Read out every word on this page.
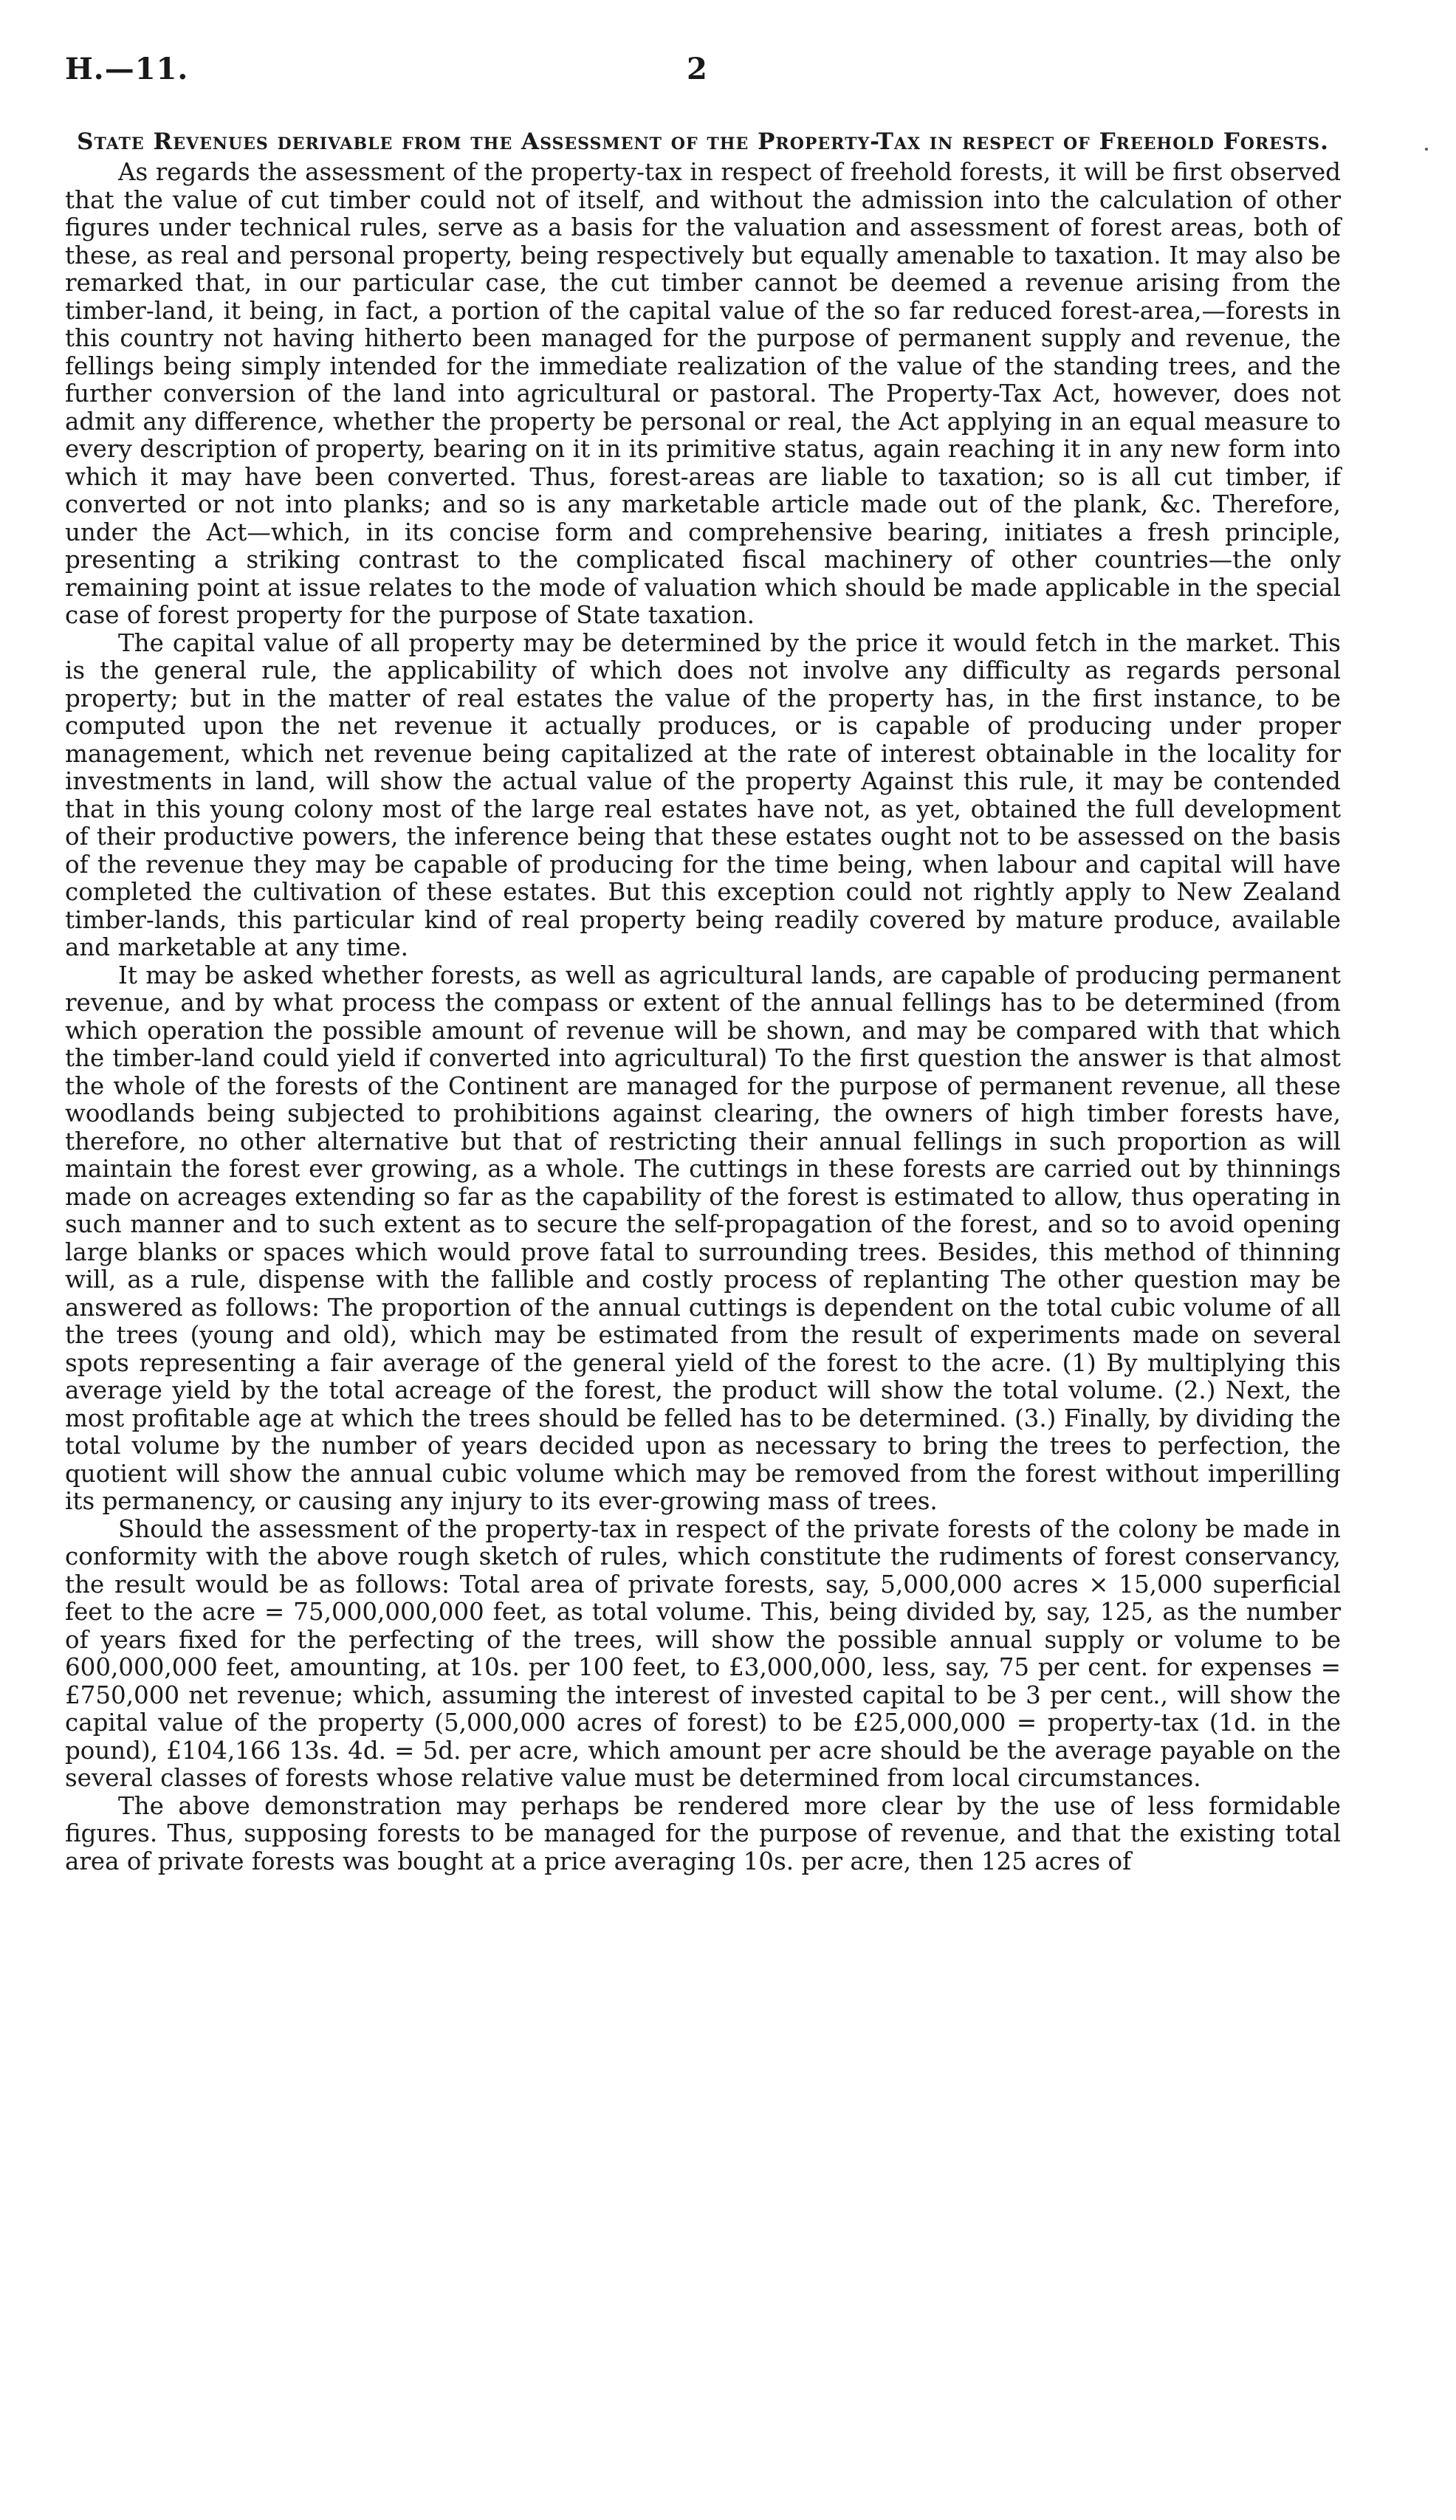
H.—11.	2
State Revenues derivable from the Assessment of the Property-Tax in respect of Freehold Forests.

As regards the assessment of the property-tax in respect of freehold forests, it will be first observed that the value of cut timber could not of itself, and without the admission into the calculation of other figures under technical rules, serve as a basis for the valuation and assessment of forest areas, both of these, as real and personal property, being respectively but equally amenable to taxation. It may also be remarked that, in our particular case, the cut timber cannot be deemed a revenue arising from the timber-land, it being, in fact, a portion of the capital value of the so far reduced forest-area,—forests in this country not having hitherto been managed for the purpose of permanent supply and revenue, the fellings being simply intended for the immediate realization of the value of the standing trees, and the further conversion of the land into agricultural or pastoral. The Property-Tax Act, however, does not admit any difference, whether the property be personal or real, the Act applying in an equal measure to every description of property, bearing on it in its primitive status, again reaching it in any new form into which it may have been converted. Thus, forest-areas are liable to taxation; so is all cut timber, if converted or not into planks; and so is any marketable article made out of the plank, &c. Therefore, under the Act—which, in its concise form and comprehensive bearing, initiates a fresh principle, presenting a striking contrast to the complicated fiscal machinery of other countries—the only remaining point at issue relates to the mode of valuation which should be made applicable in the special case of forest property for the purpose of State taxation.

The capital value of all property may be determined by the price it would fetch in the market. This is the general rule, the applicability of which does not involve any difficulty as regards personal property; but in the matter of real estates the value of the property has, in the first instance, to be computed upon the net revenue it actually produces, or is capable of producing under proper management, which net revenue being capitalized at the rate of interest obtainable in the locality for investments in land, will show the actual value of the property Against this rule, it may be contended that in this young colony most of the large real estates have not, as yet, obtained the full development of their productive powers, the inference being that these estates ought not to be assessed on the basis of the revenue they may be capable of producing for the time being, when labour and capital will have completed the cultivation of these estates. But this exception could not rightly apply to New Zealand timber-lands, this particular kind of real property being readily covered by mature produce, available and marketable at any time.

It may be asked whether forests, as well as agricultural lands, are capable of producing permanent revenue, and by what process the compass or extent of the annual fellings has to be determined (from which operation the possible amount of revenue will be shown, and may be compared with that which the timber-land could yield if converted into agricultural) To the first question the answer is that almost the whole of the forests of the Continent are managed for the purpose of permanent revenue, all these woodlands being subjected to prohibitions against clearing, the owners of high timber forests have, therefore, no other alternative but that of restricting their annual fellings in such proportion as will maintain the forest ever growing, as a whole. The cuttings in these forests are carried out by thinnings made on acreages extending so far as the capability of the forest is estimated to allow, thus operating in such manner and to such extent as to secure the self-propagation of the forest, and so to avoid opening large blanks or spaces which would prove fatal to surrounding trees. Besides, this method of thinning will, as a rule, dispense with the fallible and costly process of replanting The other question may be answered as follows: The proportion of the annual cuttings is dependent on the total cubic volume of all the trees (young and old), which may be estimated from the result of experiments made on several spots representing a fair average of the general yield of the forest to the acre. (1) By multiplying this average yield by the total acreage of the forest, the product will show the total volume. (2.) Next, the most profitable age at which the trees should be felled has to be determined. (3.) Finally, by dividing the total volume by the number of years decided upon as necessary to bring the trees to perfection, the quotient will show the annual cubic volume which may be removed from the forest without imperilling its permanency, or causing any injury to its ever-growing mass of trees.

Should the assessment of the property-tax in respect of the private forests of the colony be made in conformity with the above rough sketch of rules, which constitute the rudiments of forest conservancy, the result would be as follows: Total area of private forests, say, 5,000,000 acres × 15,000 superficial feet to the acre = 75,000,000,000 feet, as total volume. This, being divided by, say, 125, as the number of years fixed for the perfecting of the trees, will show the possible annual supply or volume to be 600,000,000 feet, amounting, at 10s. per 100 feet, to £3,000,000, less, say, 75 per cent. for expenses = £750,000 net revenue; which, assuming the interest of invested capital to be 3 per cent., will show the capital value of the property (5,000,000 acres of forest) to be £25,000,000 = property-tax (1d. in the pound), £104,166 13s. 4d. = 5d. per acre, which amount per acre should be the average payable on the several classes of forests whose relative value must be determined from local circumstances.

The above demonstration may perhaps be rendered more clear by the use of less formidable figures. Thus, supposing forests to be managed for the purpose of revenue, and that the existing total area of private forests was bought at a price averaging 10s. per acre, then 125 acres of
